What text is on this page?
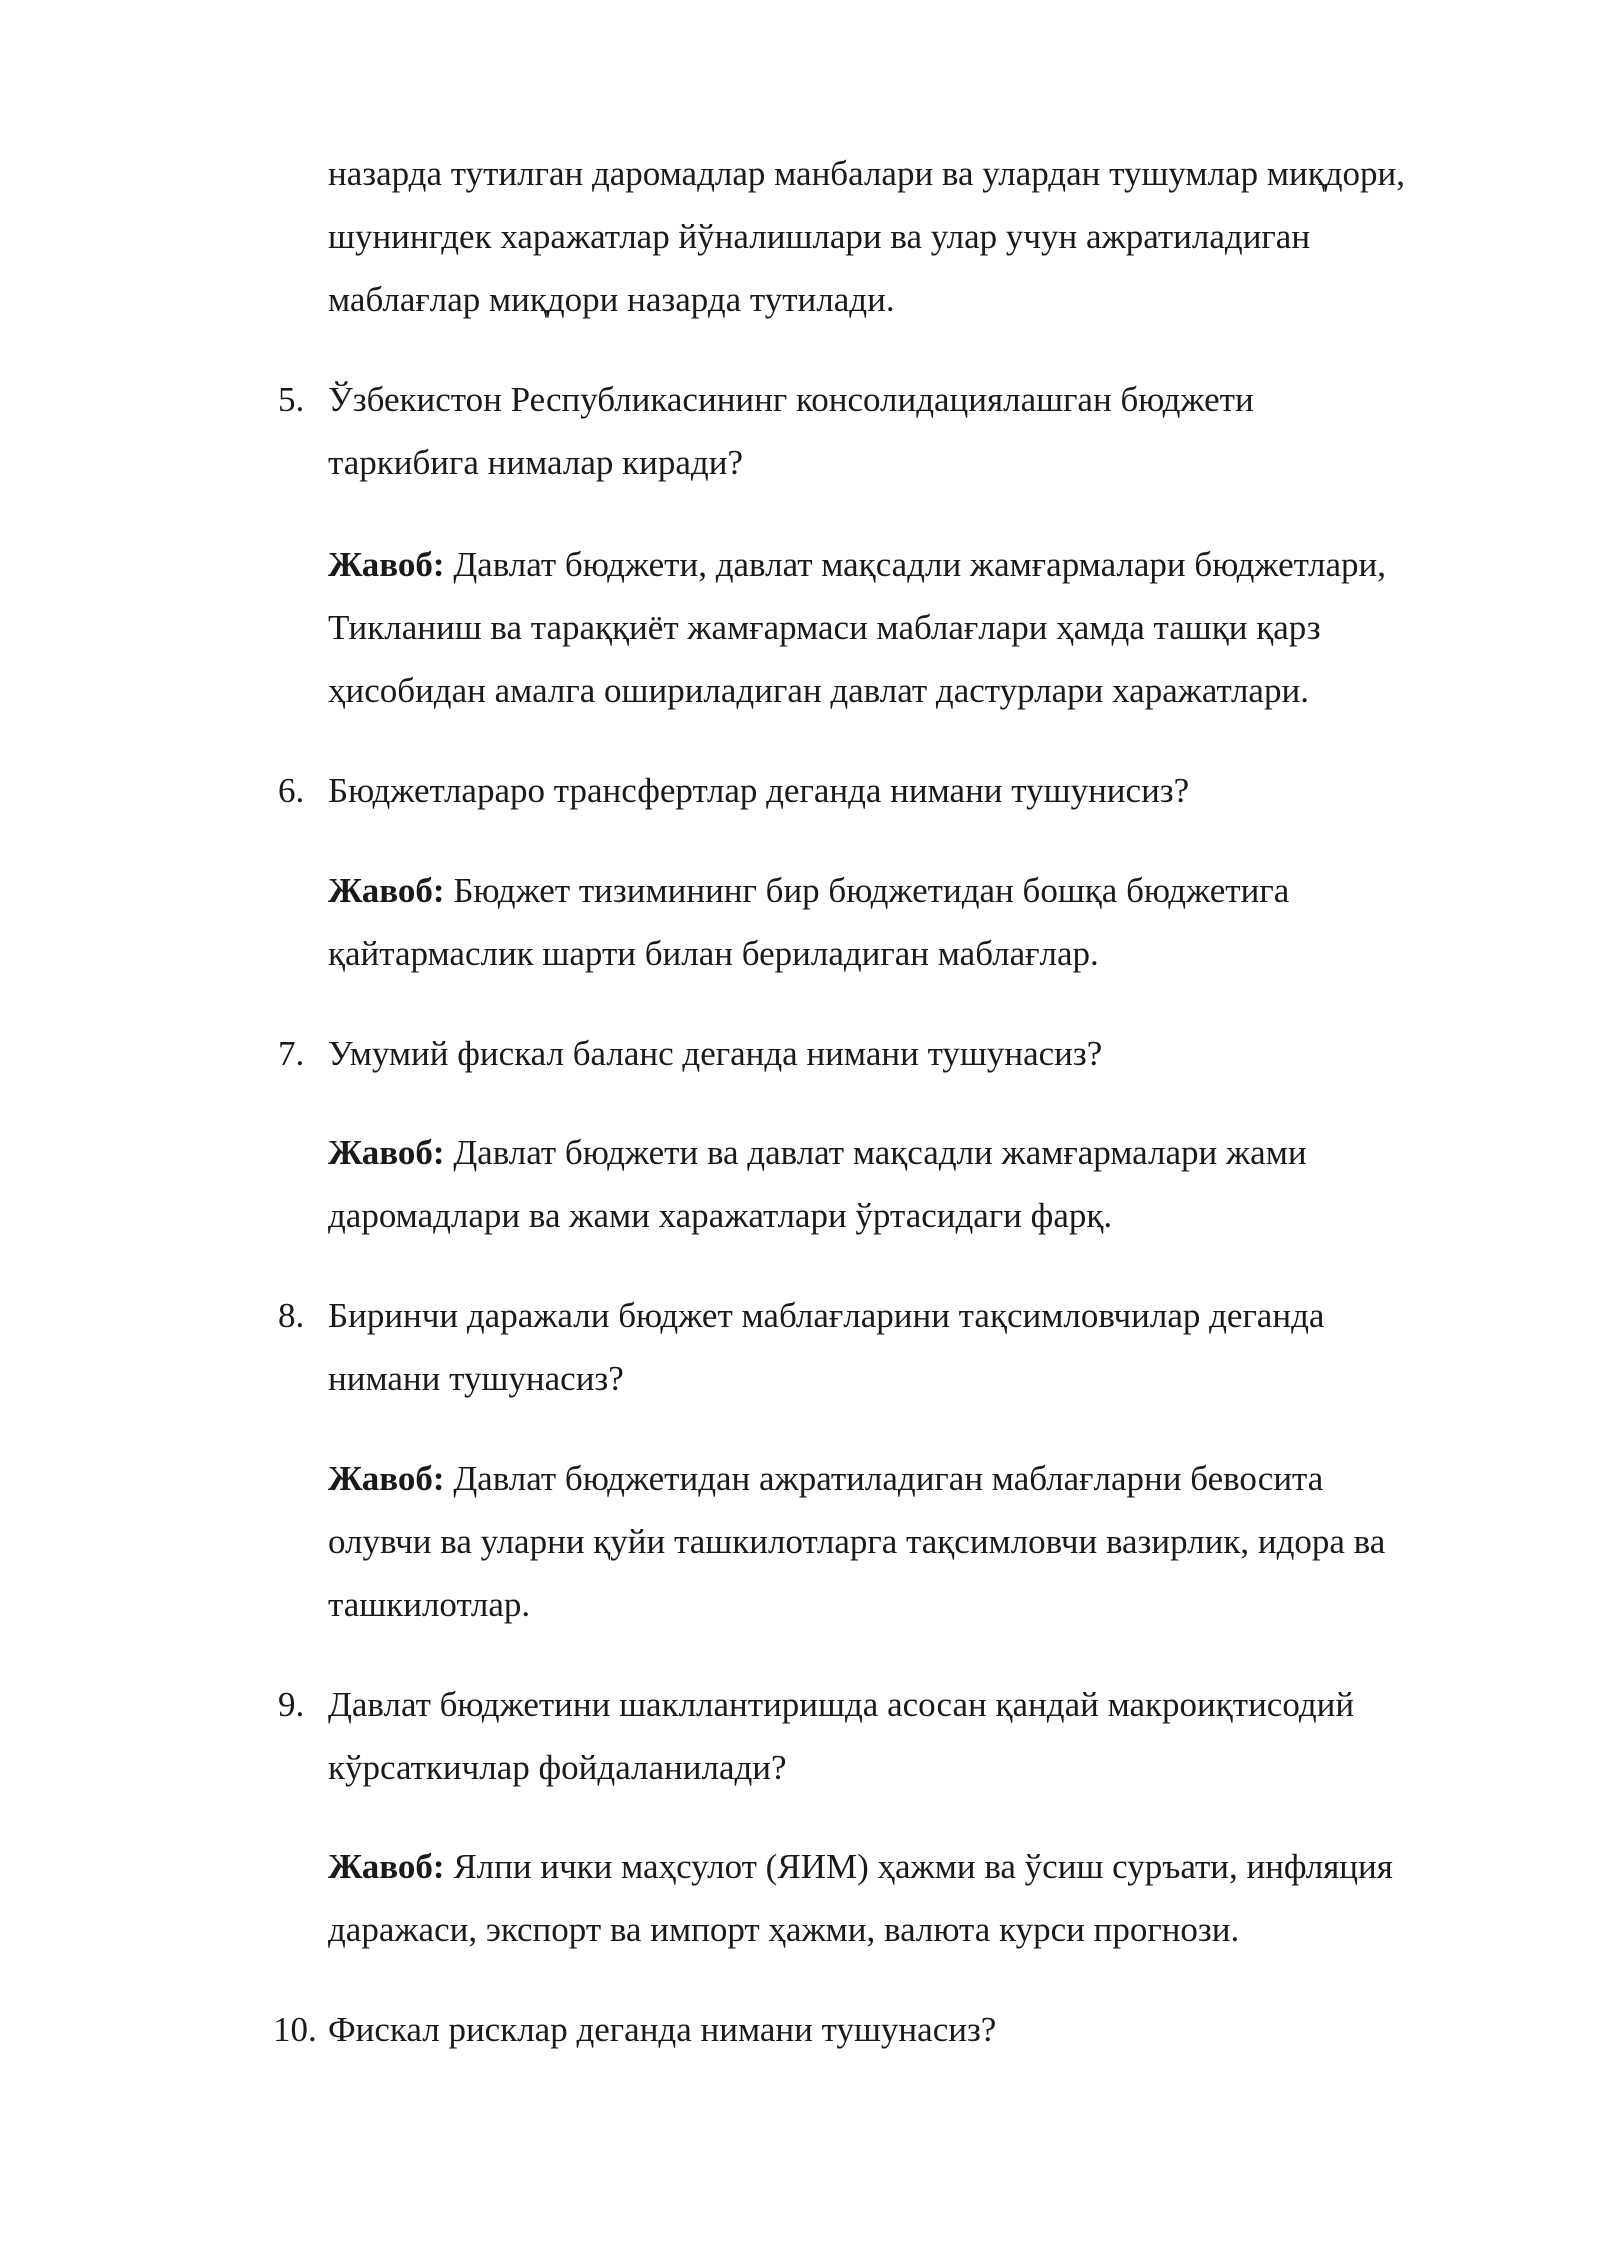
назарда тутилган даромадлар манбалари ва улардан тушумлар миқдори,
шунингдек харажатлар йўналишлари ва улар учун ажратиладиган
маблағлар миқдори назарда тутилади.
5. Ўзбекистон Республикасининг консолидациялашган бюджети
таркибига нималар киради?
Жавоб: Давлат бюджети, давлат мақсадли жамғармалари бюджетлари,
Тикланиш ва тараққиёт жамғармаси маблағлари ҳамда ташқи қарз
ҳисобидан амалга ошириладиган давлат дастурлари харажатлари.
6. Бюджетлараро трансфертлар деганда нимани тушунисиз?
Жавоб: Бюджет тизимининг бир бюджетидан бошқа бюджетига
қайтармаслик шарти билан бериладиган маблағлар.
7. Умумий фискал баланс деганда нимани тушунасиз?
Жавоб: Давлат бюджети ва давлат мақсадли жамғармалари жами
даромадлари ва жами харажатлари ўртасидаги фарқ.
8. Биринчи даражали бюджет маблағларини тақсимловчилар деганда
нимани тушунасиз?
Жавоб: Давлат бюджетидан ажратиладиган маблағларни бевосита
олувчи ва уларни қуйи ташкилотларга тақсимловчи вазирлик, идора ва
ташкилотлар.
9. Давлат бюджетини шакллантиришда асосан қандай макроиқтисодий
кўрсаткичлар фойдаланилади?
Жавоб: Ялпи ички маҳсулот (ЯИМ) ҳажми ва ўсиш суръати, инфляция
даражаси, экспорт ва импорт ҳажми, валюта курси прогнози.
10. Фискал рисклар деганда нимани тушунасиз?
